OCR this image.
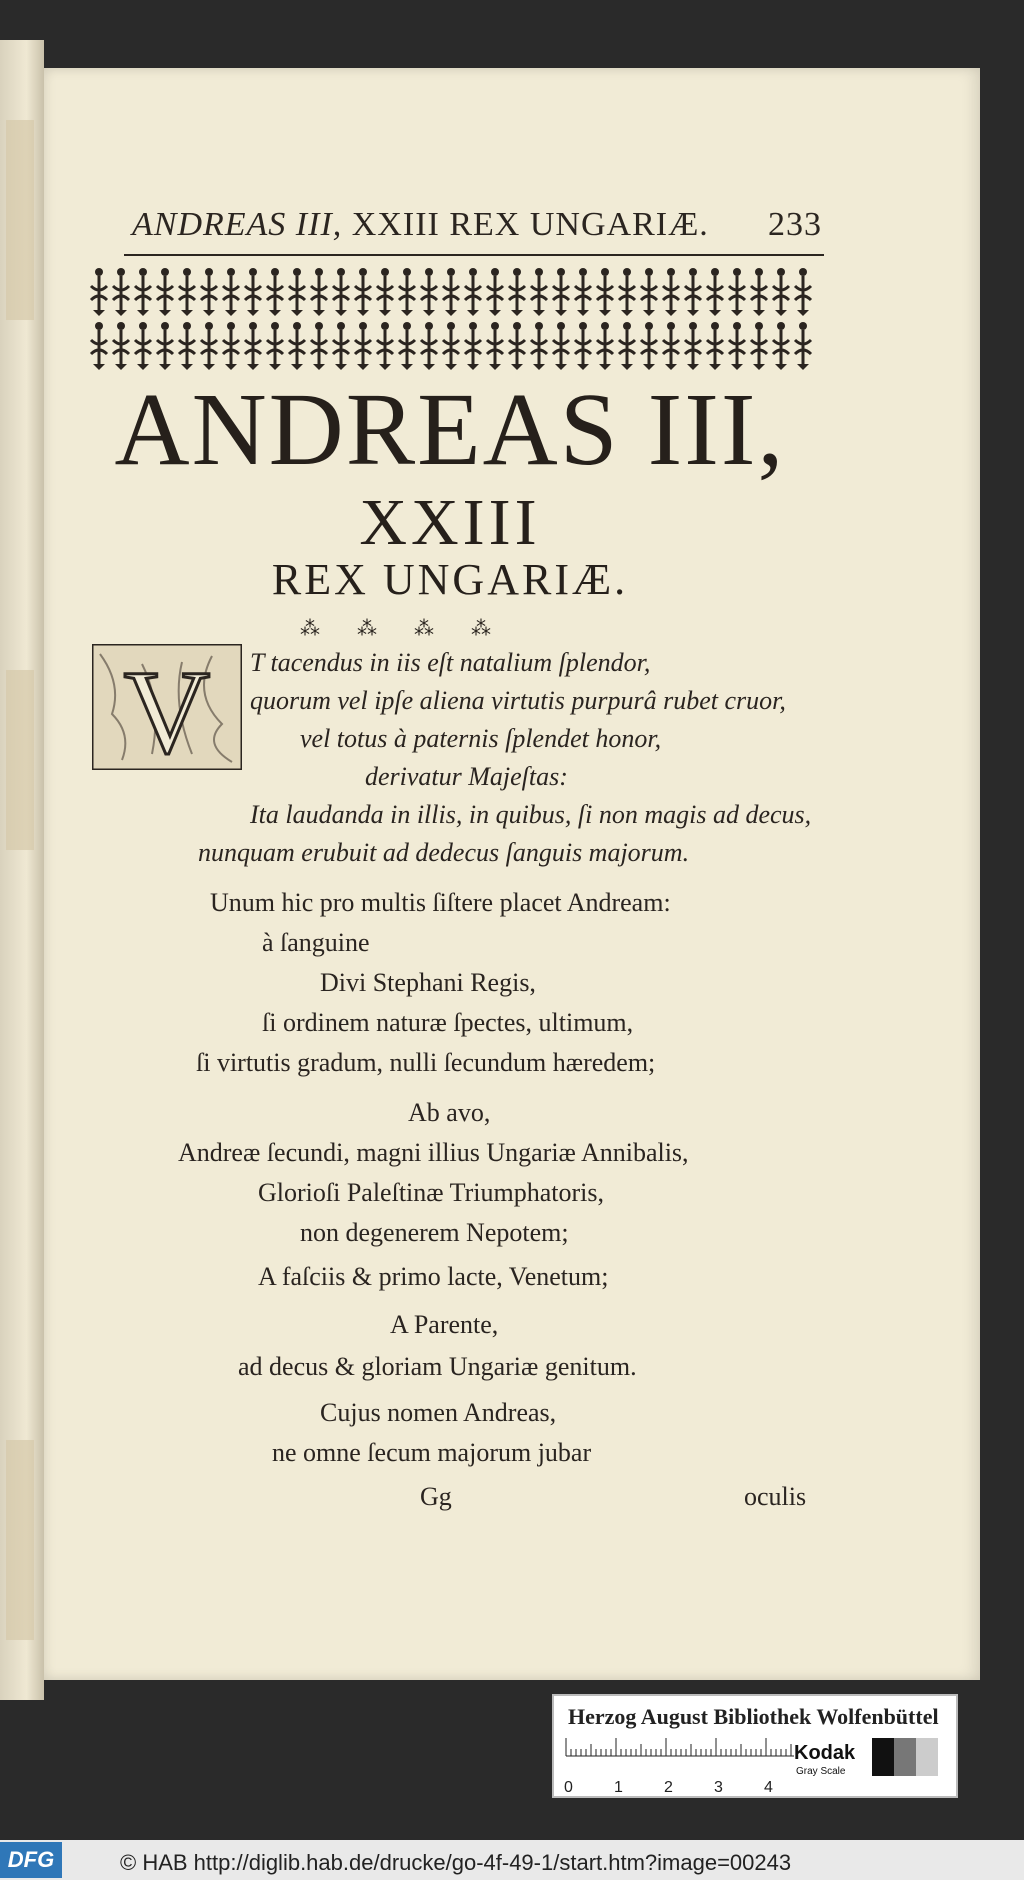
ANDREAS III, XXIII REX UNGARIÆ. 233
ANDREAS III,
XXIII
REX UNGARIÆ.
⁂ ⁂ ⁂ ⁂
V T tacendus in iis eſt natalium ſplendor,
quorum vel ipſe aliena virtutis purpurâ rubet cruor,
vel totus à paternis ſplendet honor,
derivatur Majeſtas:
Ita laudanda in illis, in quibus, ſi non magis ad decus,
nunquam erubuit ad dedecus ſanguis majorum.
Unum hic pro multis ſiſtere placet Andream:
à ſanguine
Divi Stephani Regis,
ſi ordinem naturæ ſpectes, ultimum,
ſi virtutis gradum, nulli ſecundum hæredem;
Ab avo,
Andreæ ſecundi, magni illius Ungariæ Annibalis,
Glorioſi Paleſtinæ Triumphatoris,
non degenerem Nepotem;
A faſciis & primo lacte, Venetum;
A Parente,
ad decus & gloriam Ungariæ genitum.
Cujus nomen Andreas,
ne omne ſecum majorum jubar
Gg	oculis
Herzog August Bibliothek Wolfenbüttel
0	1	2	3	4
Kodak
Gray Scale
DFG	© HAB http://diglib.hab.de/drucke/go-4f-49-1/start.htm?image=00243
